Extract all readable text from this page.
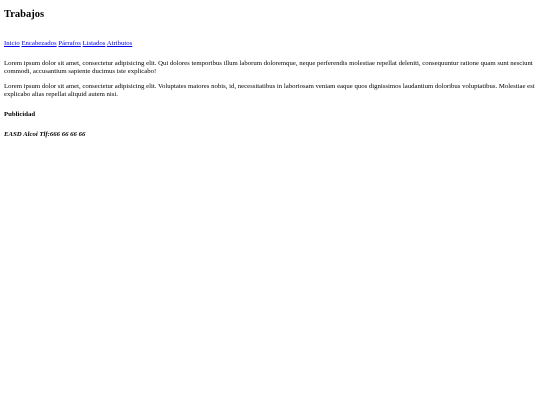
Trabajos
Inicio Encabezados Párrafos Listados Atributos

Lorem ipsum dolor sit amet, consectetur adipisicing elit. Qui dolores temporibus illum laborum doloremque, neque perferendis molestiae repellat deleniti, consequuntur ratione quam sunt nesciunt commodi, accusantium sapiente ducimus iste explicabo!

Lorem ipsum dolor sit amet, consectetur adipisicing elit. Voluptates maiores nobis, id, necessitatibus in laboriosam veniam eaque quos dignissimos laudantium doloribus voluptatibus. Molestiae est explicabo alias repellat aliquid autem nisi.

Publicidad

EASD Alcoi Tlf:666 66 66 66
